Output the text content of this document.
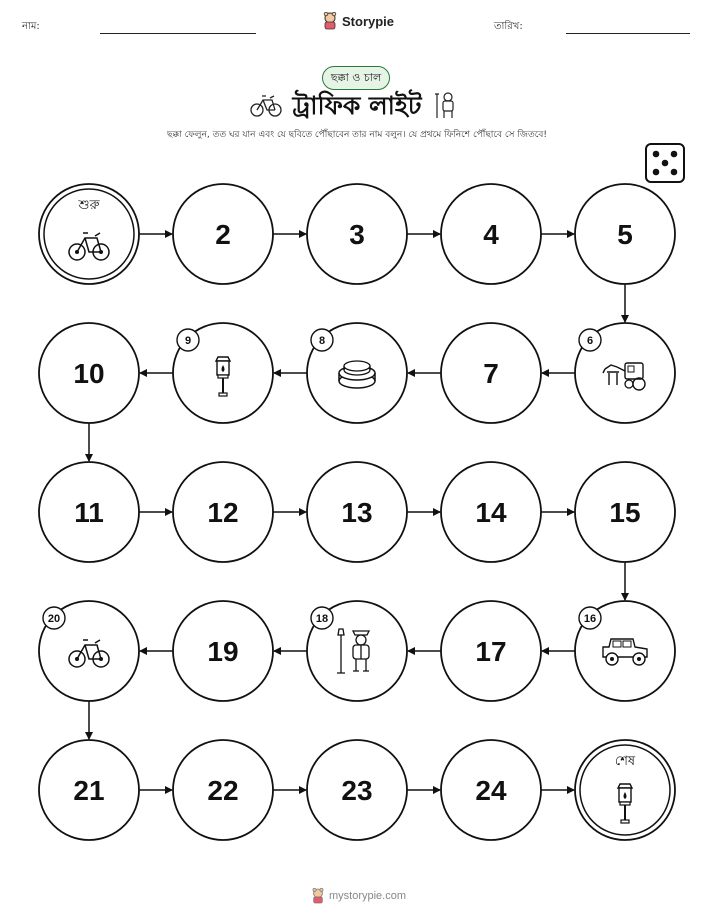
নাম:	Storypie	তারিখ:
ছক্কা ও চাল
ট্রাফিক লাইট
ছক্কা ফেলুন, তত ঘর যান এবং যে ছবিতে পৌঁছাবেন তার নাম বলুন। যে প্রথমে ফিনিশে পৌঁছাবে সে জিতবে!
শুরু
2	3	4	5
6
7
8
9
10
11	12	13	14	15
16
17
18
19
20
21	22	23	24
শেষ
mystorypie.com
